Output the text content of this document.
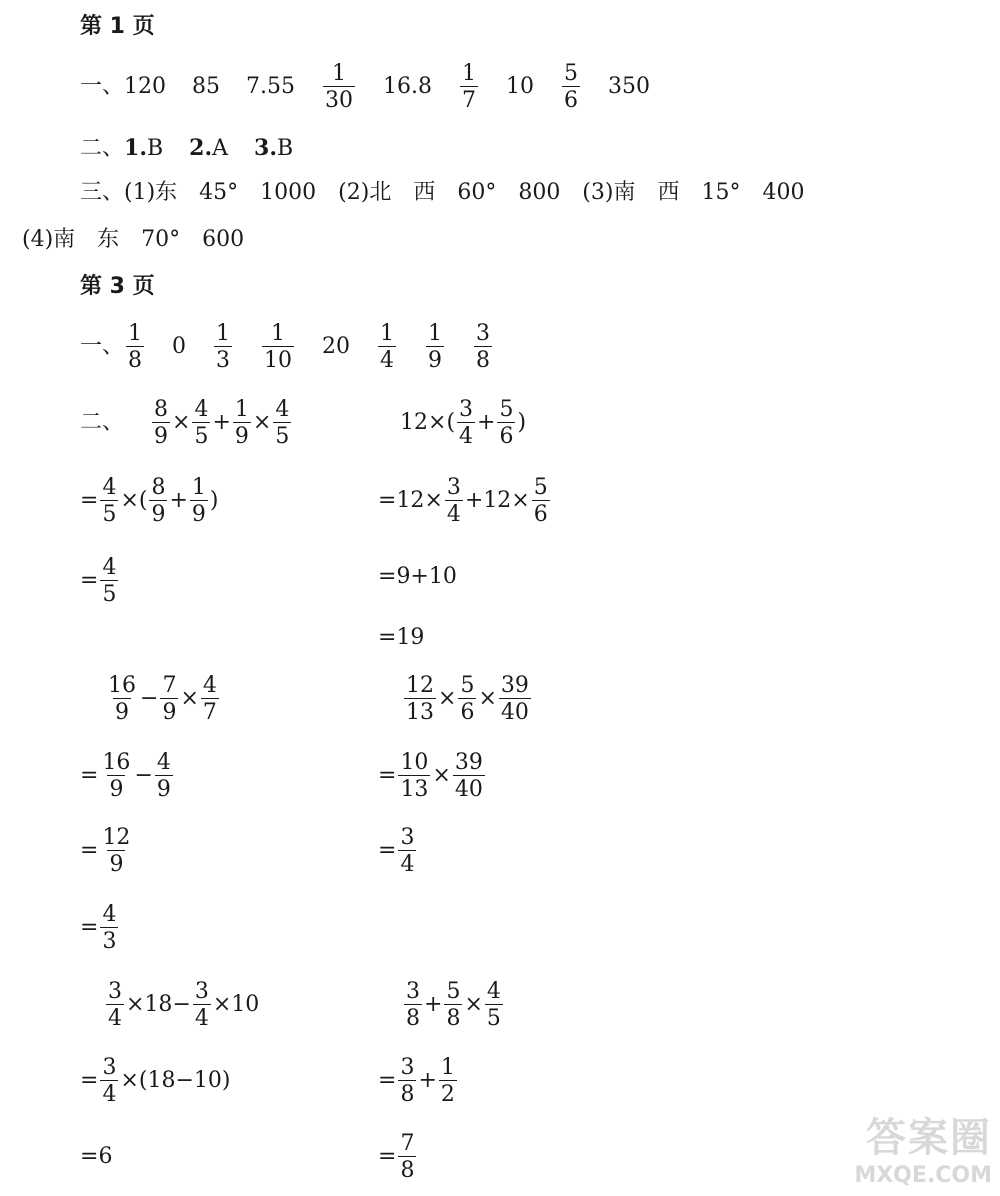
第 1 页
一、120 85 $7.55 \frac{1}{30} 16.8 \frac{1}{7} 10 \frac{5}{6} 350$
二、1.B 2.A 3.B
三、(1)东　45°　1000　(2)北　西　60°　800　(3)南　西　15°　400
(4)南　东　70°　600
第 3 页
一、 $\frac{1}{8} 0 \frac{1}{3} \frac{1}{10} 20 \frac{1}{4} \frac{1}{9} \frac{3}{8}$
二、 $\frac{8}{9} \times \frac{4}{5} + \frac{1}{9} \times \frac{4}{5}$
= $\frac{4}{5}$ ×( $\frac{8}{9} + \frac{1}{9}$ )
= $\frac{4}{5}$
$12\times( \frac{3}{4} + \frac{5}{6}$ )
$=12\times \frac{3}{4} +12\times \frac{5}{6}$
=9+10
=19
$\frac{16}{9} - \frac{7}{9} \times \frac{4}{7}$
= $\frac{16}{9} - \frac{4}{9}$
= $\frac{12}{9}$
= $\frac{4}{3}$
$\frac{12}{13} \times \frac{5}{6} \times \frac{39}{40}$
= $\frac{10}{13} \times \frac{39}{40}$
= $\frac{3}{4}$
$\frac{3}{4} \times 18- \frac{3}{4} \times 10$
= $\frac{3}{4} \times(18-10)$
=6
$\frac{3}{8} + \frac{5}{8} \times \frac{4}{5}$
= $\frac{3}{8} + \frac{1}{2}$
= $\frac{7}{8}$	答案圈
MXQE.COM
